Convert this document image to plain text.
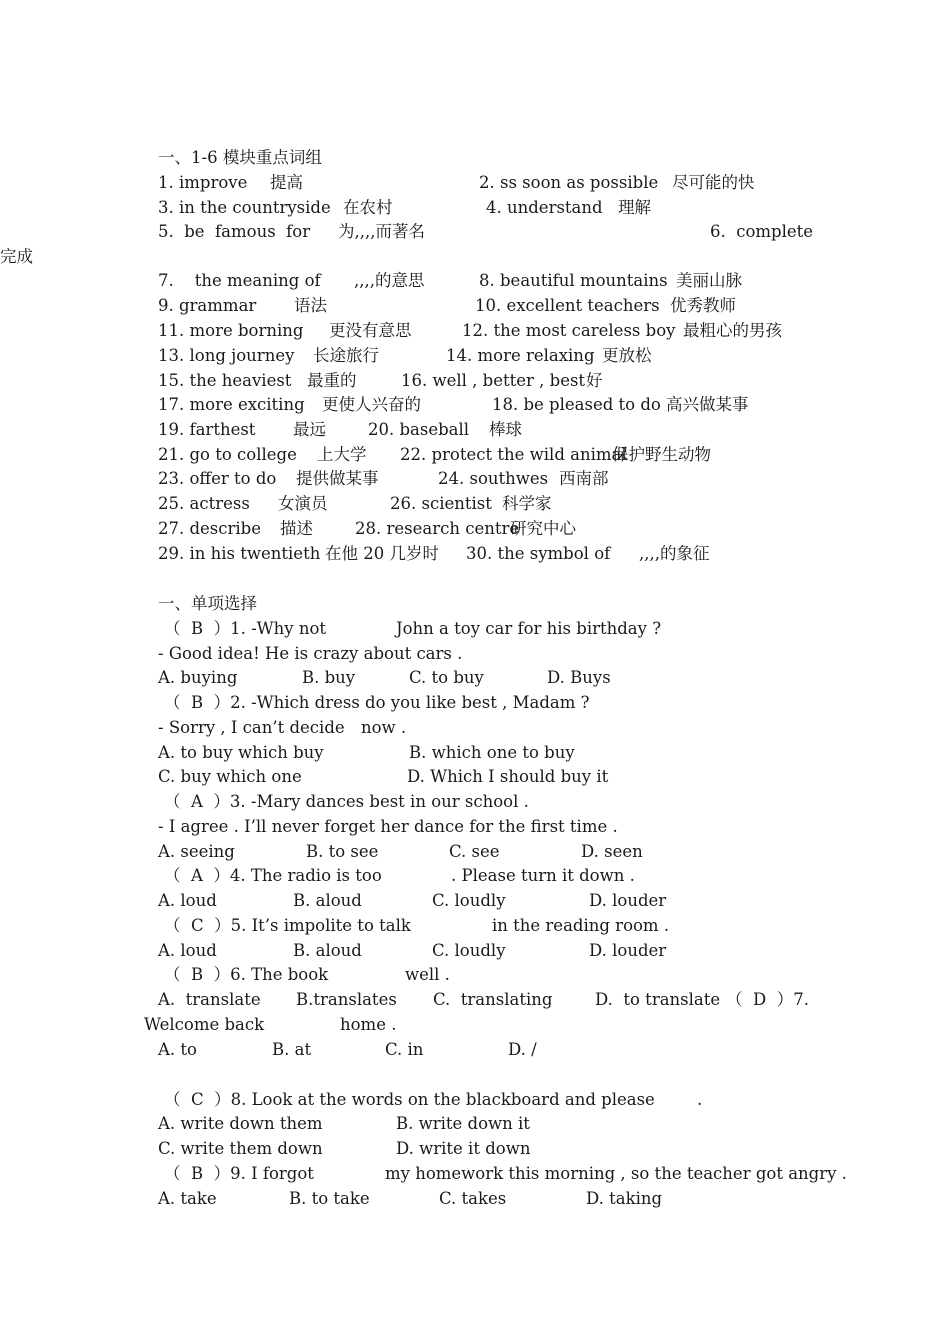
一、1-6 模块重点词组
1. improve 提高	2. ss soon as possible 尽可能的快
3. in the countryside 在农村	4. understand 理解
5.  be  famous  for 为,,,,而著名	6.  complete
完成
7.    the meaning of ,,,,的意思	8. beautiful mountains 美丽山脉
9. grammar 语法	10. excellent teachers 优秀教师
11. more borning 更没有意思	12. the most careless boy 最粗心的男孩
13. long journey 长途旅行	14. more relaxing 更放松
15. the heaviest 最重的	16. well , better , best 好
17. more exciting 更使人兴奋的	18. be pleased to do 高兴做某事
19. farthest 最远	20. baseball 棒球
21. go to college 上大学 22. protect the wild animal
保护野生动物
23. offer to do 提供做某事	24. southwes 西南部
25. actress 女演员	26. scientist 科学家
27. describe 描述	28. research centre
研究中心
29. in his twentieth 在他 20 几岁时 30. the symbol of ,,,,的象征
一、单项选择
（  B  ）1. -Why not	John a toy car for his birthday ?
- Good idea! He is crazy about cars .
A. buying	B. buy	C. to buy	D. Buys
（  B  ）2. -Which dress do you like best , Madam ?
- Sorry , I can’t decide now .
A. to buy which buy	B. which one to buy
C. buy which one	D. Which I should buy it
（  A  ）3. -Mary dances best in our school .
- I agree . I’ll never forget her dance for the first time .
A. seeing	B. to see	C. see	D. seen
（  A  ）4. The radio is too	. Please turn it down .
A. loud	B. aloud	C. loudly	D. louder
（  C  ）5. It’s impolite to talk	in the reading room .
A. loud	B. aloud	C. loudly	D. louder
（  B  ）6. The book	well .
A.  translate B.translates C.  translating	D.  to translate （  D  ）7.
Welcome back	home .
A. to	B. at	C. in	D. /
（  C  ）8. Look at the words on the blackboard and please	.
A. write down them	B. write down it
C. write them down	D. write it down
（  B  ）9. I forgot	my homework this morning , so the teacher got angry .
A. take	B. to take	C. takes	D. taking
